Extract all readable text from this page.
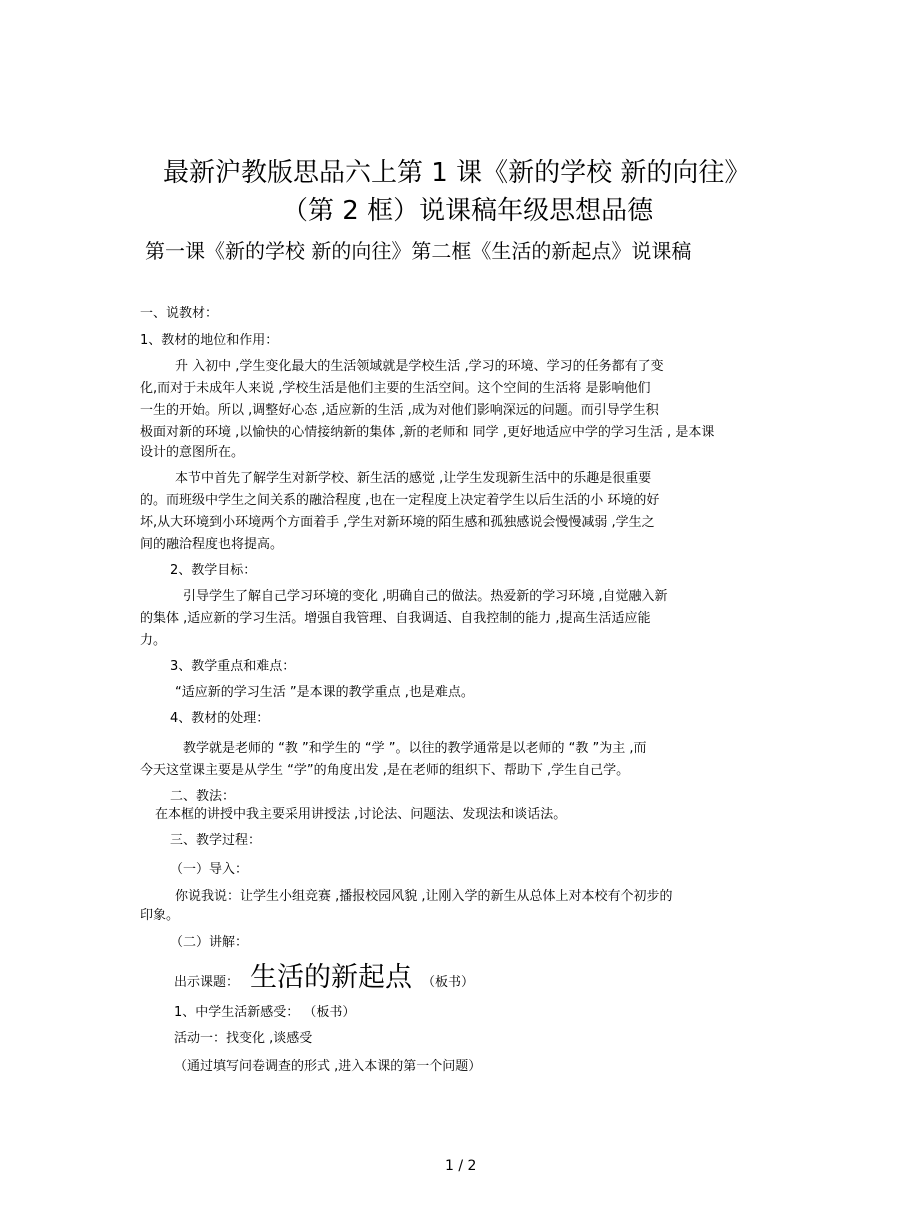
最新沪教版思品六上第 1 课《新的学校 新的向往》
（第 2 框）说课稿年级思想品德
第一课《新的学校 新的向往》第二框《生活的新起点》说课稿
一、说教材：
1、教材的地位和作用：
升 入初中 ,学生变化最大的生活领域就是学校生活 ,学习的环境、学习的任务都有了变
化,而对于未成年人来说 ,学校生活是他们主要的生活空间。这个空间的生活将 是影响他们
一生的开始。所以 ,调整好心态 ,适应新的生活 ,成为对他们影响深远的问题。而引导学生积
极面对新的环境 ,以愉快的心情接纳新的集体 ,新的老师和 同学 ,更好地适应中学的学习生活 , 是本课
设计的意图所在。
本节中首先了解学生对新学校、新生活的感觉 ,让学生发现新生活中的乐趣是很重要
的。而班级中学生之间关系的融洽程度 ,也在一定程度上决定着学生以后生活的小 环境的好
坏,从大环境到小环境两个方面着手 ,学生对新环境的陌生感和孤独感说会慢慢减弱 ,学生之
间的融洽程度也将提高。
2、教学目标：
引导学生了解自己学习环境的变化 ,明确自己的做法。热爱新的学习环境 ,自觉融入新
的集体 ,适应新的学习生活。增强自我管理、自我调适、自我控制的能力 ,提高生活适应能
力。
3、教学重点和难点：
“适应新的学习生活 ”是本课的教学重点 ,也是难点。
4、教材的处理：
教学就是老师的 “教 ”和学生的 “学 ”。以往的教学通常是以老师的 “教 ”为主 ,而
今天这堂课主要是从学生 “学”的角度出发 ,是在老师的组织下、帮助下 ,学生自己学。
二、教法：
在本框的讲授中我主要采用讲授法 ,讨论法、问题法、发现法和谈话法。
三、教学过程：
（一）导入：
你说我说：让学生小组竞赛 ,播报校园风貌 ,让刚入学的新生从总体上对本校有个初步的
印象。
（二）讲解：
出示课题： 生活的新起点 （板书）
1、中学生活新感受： （板书）
活动一：找变化 ,谈感受
（通过填写问卷调查的形式 ,进入本课的第一个问题）
1 / 2
